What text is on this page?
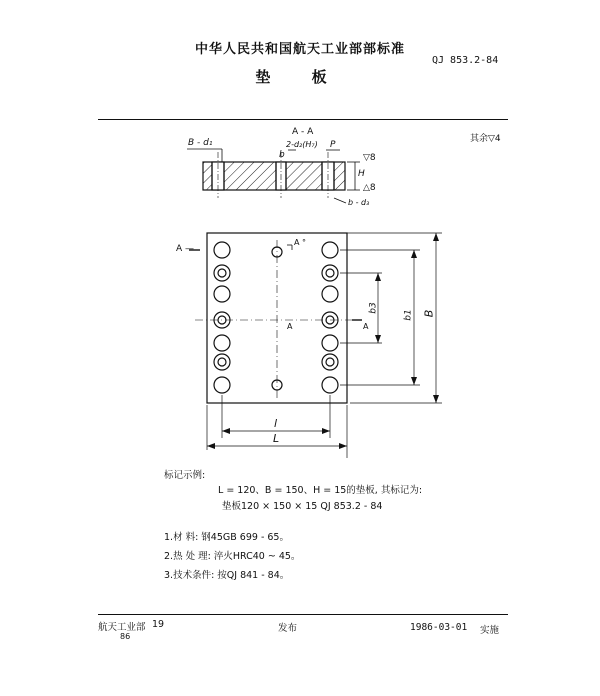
中华人民共和国航天工业部部标准
QJ 853.2-84
垫 板
A - A
其余▽4
B - d₁	2-d₂(H₇)
b
P
▽8
H
△8
b - d₃
A —
A °
A	A
b3
b1 B
l
L
标记示例:
L = 120、B = 150、H = 15的垫板, 其标记为:
垫板120 × 150 × 15 QJ 853.2 - 84
1.材 料: 钢45GB 699 - 65。
2.热 处 理: 淬火HRC40 ~ 45。
3.技术条件: 按QJ 841 - 84。
航天工业部 19
86
发布	1986-03-01 实施
